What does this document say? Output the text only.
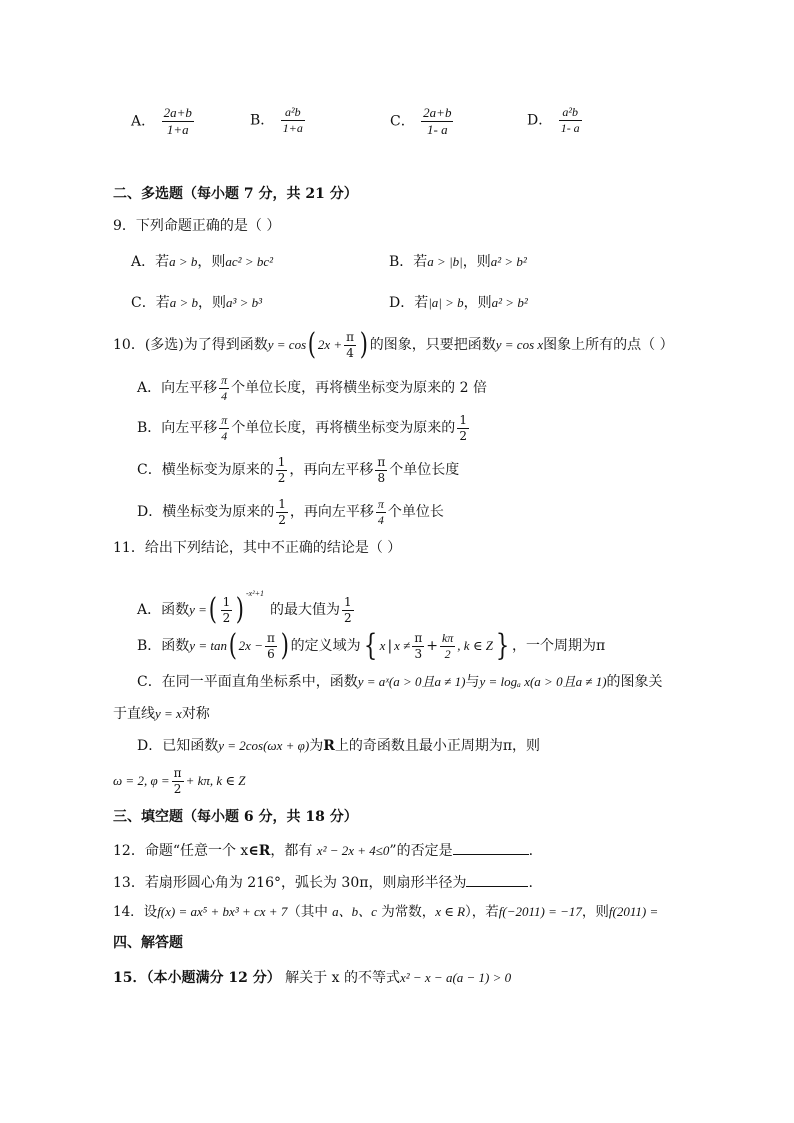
A． $\frac{2a+b}{1+a}$	B． $\frac{\text{a²b}}{1+a}$	C． $\frac{2a+b}{1- a}$	D． $\frac{\text{a²b}}{1- a}$
二、多选题（每小题 7 分，共 21 分）
9．下列命题正确的是（ ）
A．若a > b，则ac² > bc²	B．若a > |b|，则a² > b²
C．若a > b，则a³ > b³	D．若|a| > b，则a² > b²
10．(多选)为了得到函数y = cos( $2x + \frac{\pi}{4}$ ) 的图象，只要把函数y = cos x图象上所有的点（ ）
A．向左平移 $\frac{\pi}{4}$ 个单位长度，再将横坐标变为原来的 2 倍
B．向左平移 $\frac{\pi}{4}$ 个单位长度，再将横坐标变为原来的 $\frac{1}{2}$
C．横坐标变为原来的 $\frac{1}{2}$ ，再向左平移 $\frac{\pi}{8}$ 个单位长度
D．横坐标变为原来的 $\frac{1}{2}$ ，再向左平移 $\frac{\pi}{4}$ 个单位长
11．给出下列结论，其中不正确的结论是（ ）
A．函数y =( $\frac{1}{2}$ ) $^{-x^2+1}$的最大值为 $\frac{1}{2}$
B．函数y = tan( $2x - \frac{\pi}{6}$ ) 的定义域为{ x | $x \ne \frac{\pi}{3} + \frac{k\pi}{2}$ , k ∈ Z} ，一个周期为π
C．在同一平面直角坐标系中，函数y = aˣ(a > 0且a ≠ 1)与y = logₐ x(a > 0且a ≠ 1)的图象关
于直线y = x对称
D．已知函数y = 2cos(ωx + φ)为R上的奇函数且最小正周期为π，则
ω = 2, $\varphi = \frac{\pi}{2} + k\pi$, k ∈ Z
三、填空题（每小题 6 分，共 18 分）
12．命题“任意一个 x∈R，都有 x² − 2x + 4≤0”的否定是	.
13．若扇形圆心角为 216°，弧长为 30π，则扇形半径为	.
14．设f(x) = ax⁵ + bx³ + cx + 7（其中 a、b、c 为常数，x ∈ R），若f(−2011) = −17，则f(2011) =
四、解答题
15．（本小题满分 12 分） 解关于 x 的不等式x² − x − a(a − 1) > 0
